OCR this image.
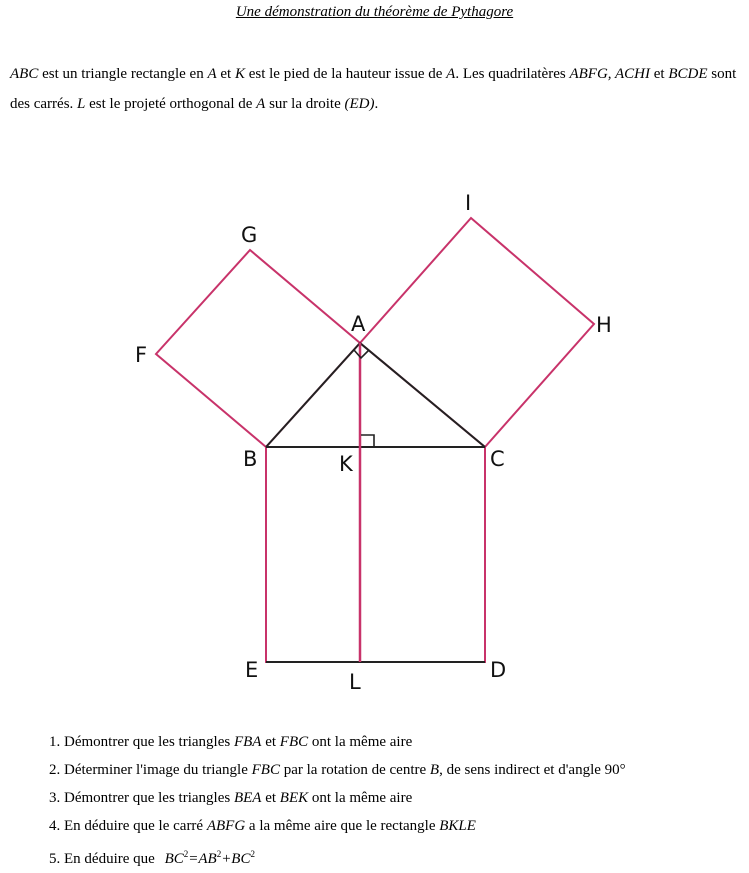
Une démonstration du théorème de Pythagore
ABC est un triangle rectangle en A et K est le pied de la hauteur issue de A. Les quadrilatères ABFG, ACHI et BCDE sont des carrés. L est le projeté orthogonal de A sur la droite (ED).
A
B	C
D
E
F
G
H
I
K
L
1. Démontrer que les triangles FBA et FBC ont la même aire
2. Déterminer l'image du triangle FBC par la rotation de centre B, de sens indirect et d'angle 90°
3. Démontrer que les triangles BEA et BEK ont la même aire
4. En déduire que le carré ABFG a la même aire que le rectangle BKLE
5. En déduire que $BC^2=AB^2+BC^2$
